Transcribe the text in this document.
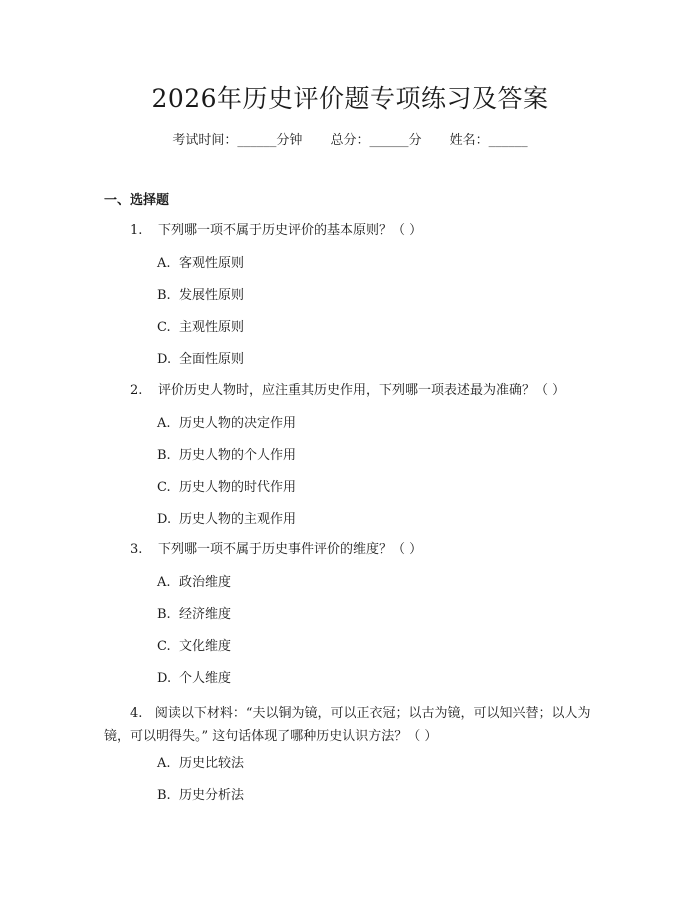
2026年历史评价题专项练习及答案
考试时间：______分钟 总分：______分 姓名：______
一、选择题
1. 下列哪一项不属于历史评价的基本原则？（ ）
A. 客观性原则
B. 发展性原则
C. 主观性原则
D. 全面性原则
2. 评价历史人物时，应注重其历史作用，下列哪一项表述最为准确？（ ）
A. 历史人物的决定作用
B. 历史人物的个人作用
C. 历史人物的时代作用
D. 历史人物的主观作用
3. 下列哪一项不属于历史事件评价的维度？（ ）
A. 政治维度
B. 经济维度
C. 文化维度
D. 个人维度
4. 阅读以下材料：“夫以铜为镜，可以正衣冠；以古为镜，可以知兴替；以人为镜，可以明得失。” 这句话体现了哪种历史认识方法？（ ）
A. 历史比较法
B. 历史分析法
